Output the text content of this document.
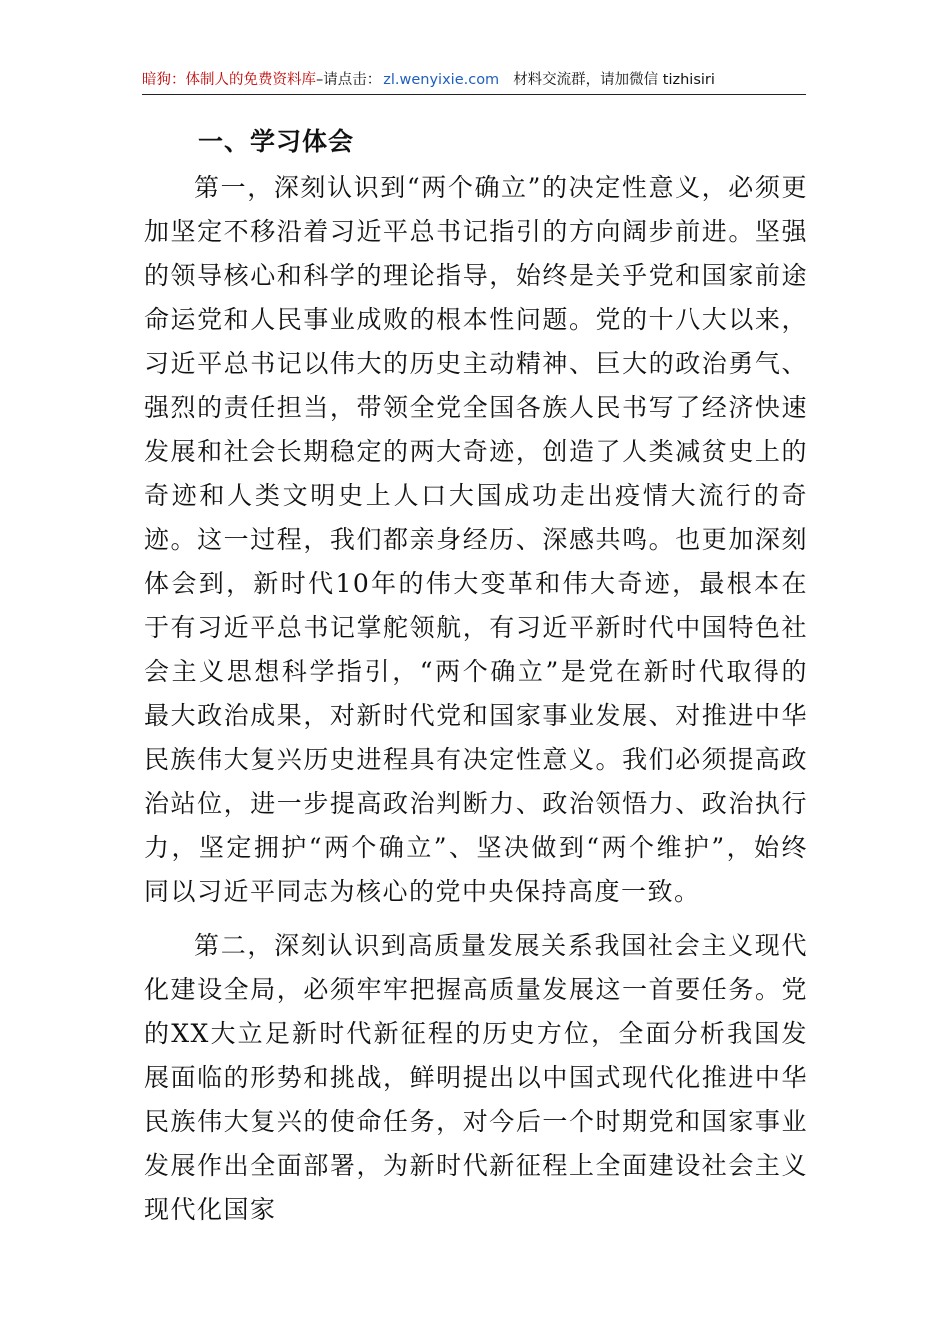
暗狗：体制人的免费资料库–请点击： zl.wenyixie.com 材料交流群，请加微信 tizhisiri
一、学习体会

第一，深刻认识到“两个确立”的决定性意义，必须更加坚定不移沿着习近平总书记指引的方向阔步前进。坚强的领导核心和科学的理论指导，始终是关乎党和国家前途命运党和人民事业成败的根本性问题。党的十八大以来，习近平总书记以伟大的历史主动精神、巨大的政治勇气、强烈的责任担当，带领全党全国各族人民书写了经济快速发展和社会长期稳定的两大奇迹，创造了人类减贫史上的奇迹和人类文明史上人口大国成功走出疫情大流行的奇迹。这一过程，我们都亲身经历、深感共鸣。也更加深刻体会到，新时代10年的伟大变革和伟大奇迹，最根本在于有习近平总书记掌舵领航，有习近平新时代中国特色社会主义思想科学指引，“两个确立”是党在新时代取得的最大政治成果，对新时代党和国家事业发展、对推进中华民族伟大复兴历史进程具有决定性意义。我们必须提高政治站位，进一步提高政治判断力、政治领悟力、政治执行力，坚定拥护“两个确立”、坚决做到“两个维护”，始终同以习近平同志为核心的党中央保持高度一致。

第二，深刻认识到高质量发展关系我国社会主义现代化建设全局，必须牢牢把握高质量发展这一首要任务。党的XX大立足新时代新征程的历史方位，全面分析我国发展面临的形势和挑战，鲜明提出以中国式现代化推进中华民族伟大复兴的使命任务，对今后一个时期党和国家事业发展作出全面部署，为新时代新征程上全面建设社会主义现代化国家
